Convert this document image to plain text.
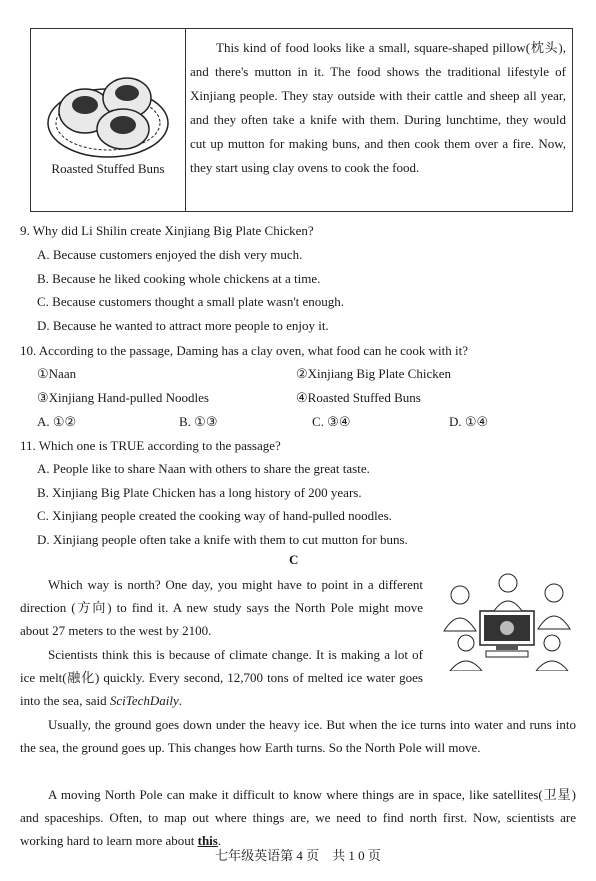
Roasted Stuffed Buns

This kind of food looks like a small, square-shaped pillow(枕头), and there's mutton in it. The food shows the traditional lifestyle of Xinjiang people. They stay outside with their cattle and sheep all year, and they often take a knife with them. During lunchtime, they would cut up mutton for making buns, and then cook them over a fire. Now, they start using clay ovens to cook the food.

9. Why did Li Shilin create Xinjiang Big Plate Chicken?

A. Because customers enjoyed the dish very much.

B. Because he liked cooking whole chickens at a time.

C. Because customers thought a small plate wasn't enough.

D. Because he wanted to attract more people to enjoy it.

10. According to the passage, Daming has a clay oven, what food can he cook with it?

①Naan	②Xinjiang Big Plate Chicken

③Xinjiang Hand-pulled Noodles	④Roasted Stuffed Buns

A. ①②	B. ①③	C. ③④	D. ①④

11. Which one is TRUE according to the passage?

A. People like to share Naan with others to share the great taste.

B. Xinjiang Big Plate Chicken has a long history of 200 years.

C. Xinjiang people created the cooking way of hand-pulled noodles.

D. Xinjiang people often take a knife with them to cut mutton for buns.

C

Which way is north? One day, you might have to point in a different direction (方向) to find it. A new study says the North Pole might move about 27 meters to the west by 2100.

Scientists think this is because of climate change. It is making a lot of ice melt(融化) quickly. Every second, 12,700 tons of melted ice water goes into the sea, said SciTechDaily.

Usually, the ground goes down under the heavy ice. But when the ice turns into water and runs into the sea, the ground goes up. This changes how Earth turns. So the North Pole will move.

A moving North Pole can make it difficult to know where things are in space, like satellites(卫星) and spaceships. Often, to map out where things are, we need to find north first. Now, scientists are working hard to learn more about this.

七年级英语第 4 页　共 1 0 页
